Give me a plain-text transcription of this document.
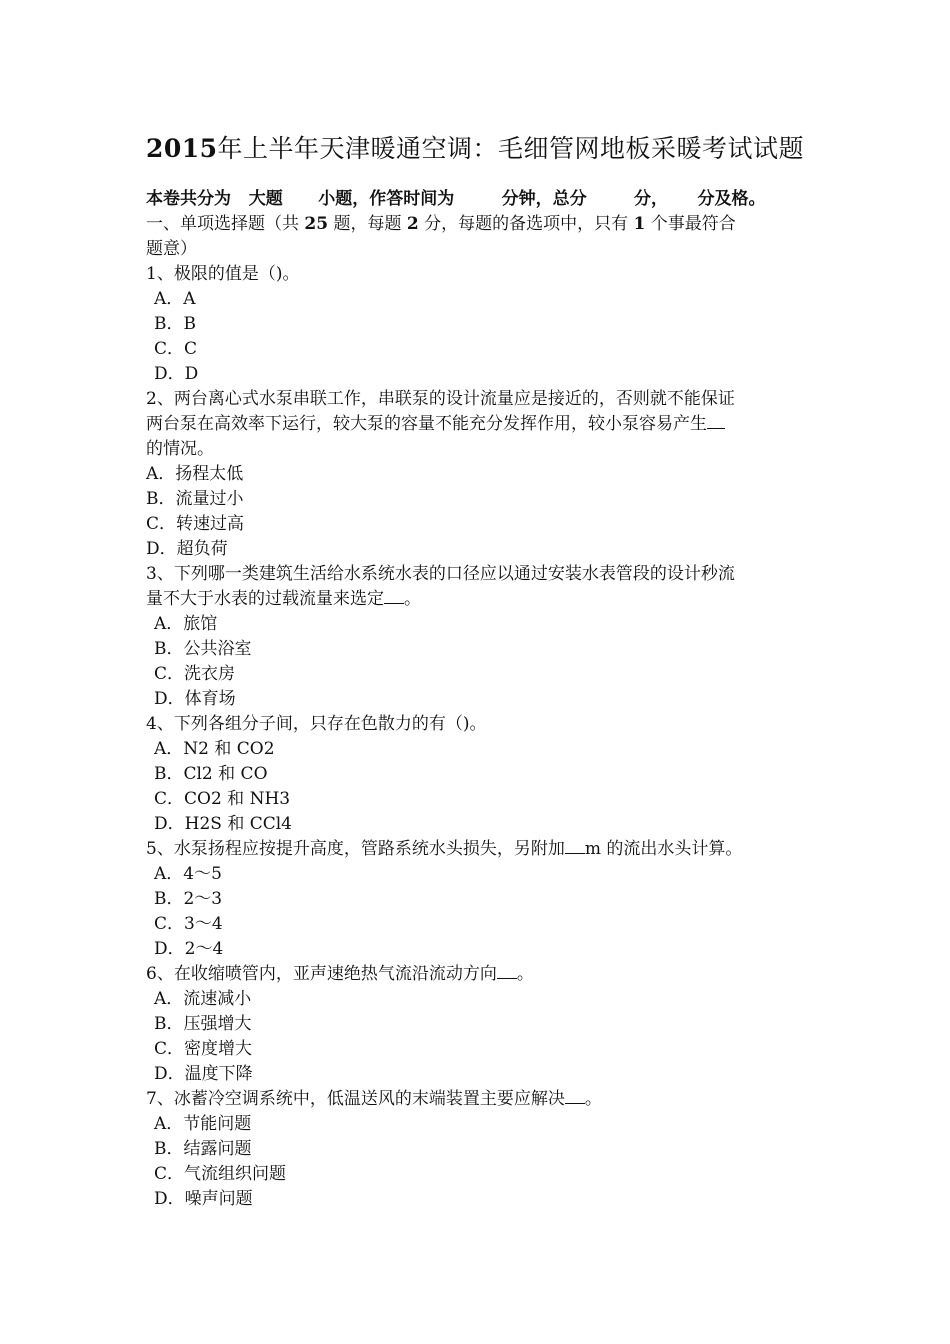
2015年上半年天津暖通空调：毛细管网地板采暖考试试题
本卷共分为   大题      小题，作答时间为        分钟，总分        分，     分及格。
一、单项选择题（共 25 题，每题 2 分，每题的备选项中，只有 1 个事最符合
题意）
1、极限的值是（)。
A．A
B．B
C．C
D．D
2、两台离心式水泵串联工作，串联泵的设计流量应是接近的，否则就不能保证
两台泵在高效率下运行，较大泵的容量不能充分发挥作用，较小泵容易产生
的情况。
A．扬程太低
B．流量过小
C．转速过高
D．超负荷
3、下列哪一类建筑生活给水系统水表的口径应以通过安装水表管段的设计秒流
量不大于水表的过载流量来选定 。
A．旅馆
B．公共浴室
C．洗衣房
D．体育场
4、下列各组分子间，只存在色散力的有（)。
A．N2 和 CO2
B．Cl2 和 CO
C．CO2 和 NH3
D．H2S 和 CCl4
5、水泵扬程应按提升高度，管路系统水头损失，另附加 m 的流出水头计算。
A．4～5
B．2～3
C．3～4
D．2～4
6、在收缩喷管内，亚声速绝热气流沿流动方向 。
A．流速减小
B．压强增大
C．密度增大
D．温度下降
7、冰蓄冷空调系统中，低温送风的末端装置主要应解决 。
A．节能问题
B．结露问题
C．气流组织问题
D．噪声问题
